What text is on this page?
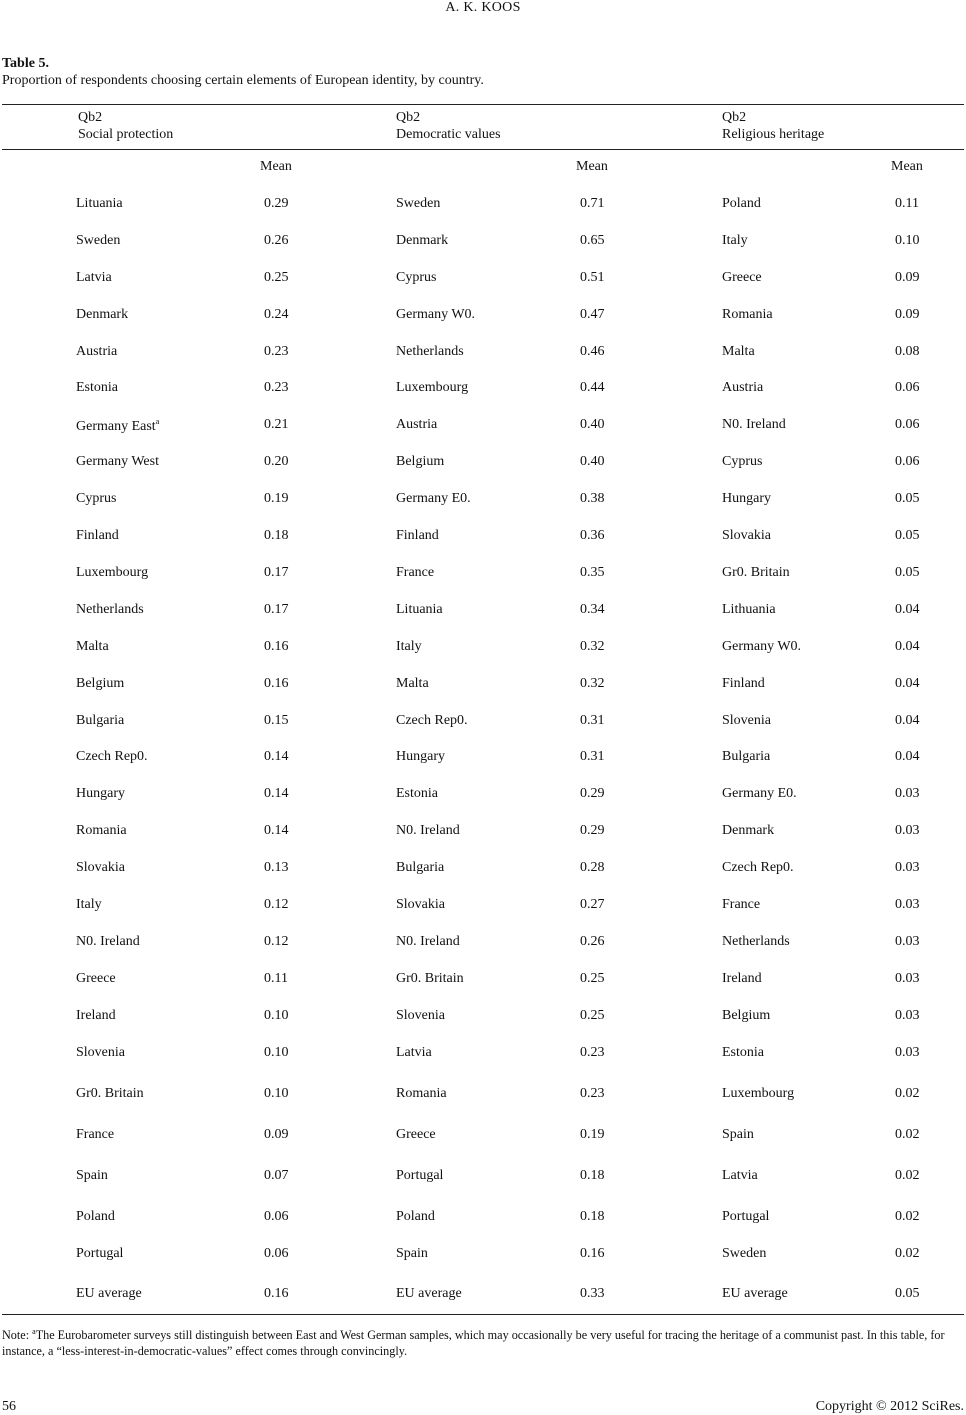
A. K. KOOS
Table 5.
Proportion of respondents choosing certain elements of European identity, by country.
Qb2
Social protection
Qb2
Democratic values
Qb2
Religious heritage
Mean	Mean	Mean
Lituania	0.29	Sweden	0.71	Poland	0.11
Sweden	0.26	Denmark	0.65	Italy	0.10
Latvia	0.25	Cyprus	0.51	Greece	0.09
Denmark	0.24	Germany W0.	0.47	Romania	0.09
Austria	0.23	Netherlands	0.46	Malta	0.08
Estonia	0.23	Luxembourg	0.44	Austria	0.06
Germany East$^a$	0.21	Austria	0.40	N0. Ireland	0.06
Germany West	0.20	Belgium	0.40	Cyprus	0.06
Cyprus	0.19	Germany E0.	0.38	Hungary	0.05
Finland	0.18	Finland	0.36	Slovakia	0.05
Luxembourg	0.17	France	0.35	Gr0. Britain	0.05
Netherlands	0.17	Lituania	0.34	Lithuania	0.04
Malta	0.16	Italy	0.32	Germany W0.	0.04
Belgium	0.16	Malta	0.32	Finland	0.04
Bulgaria	0.15	Czech Rep0.	0.31	Slovenia	0.04
Czech Rep0.	0.14	Hungary	0.31	Bulgaria	0.04
Hungary	0.14	Estonia	0.29	Germany E0.	0.03
Romania	0.14	N0. Ireland	0.29	Denmark	0.03
Slovakia	0.13	Bulgaria	0.28	Czech Rep0.	0.03
Italy	0.12	Slovakia	0.27	France	0.03
N0. Ireland	0.12	N0. Ireland	0.26	Netherlands	0.03
Greece	0.11	Gr0. Britain	0.25	Ireland	0.03
Ireland	0.10	Slovenia	0.25	Belgium	0.03
Slovenia	0.10	Latvia	0.23	Estonia	0.03
Gr0. Britain	0.10	Romania	0.23	Luxembourg	0.02
France	0.09	Greece	0.19	Spain	0.02
Spain	0.07	Portugal	0.18	Latvia	0.02
Poland	0.06	Poland	0.18	Portugal	0.02
Portugal	0.06	Spain	0.16	Sweden	0.02
EU average	0.16	EU average	0.33	EU average	0.05
Note: $^a$The Eurobarometer surveys still distinguish between East and West German samples, which may occasionally be very useful for tracing the heritage of a communist past. In this table, for instance, a “less-interest-in-democratic-values” effect comes through convincingly.
56	Copyright © 2012 SciRes.
